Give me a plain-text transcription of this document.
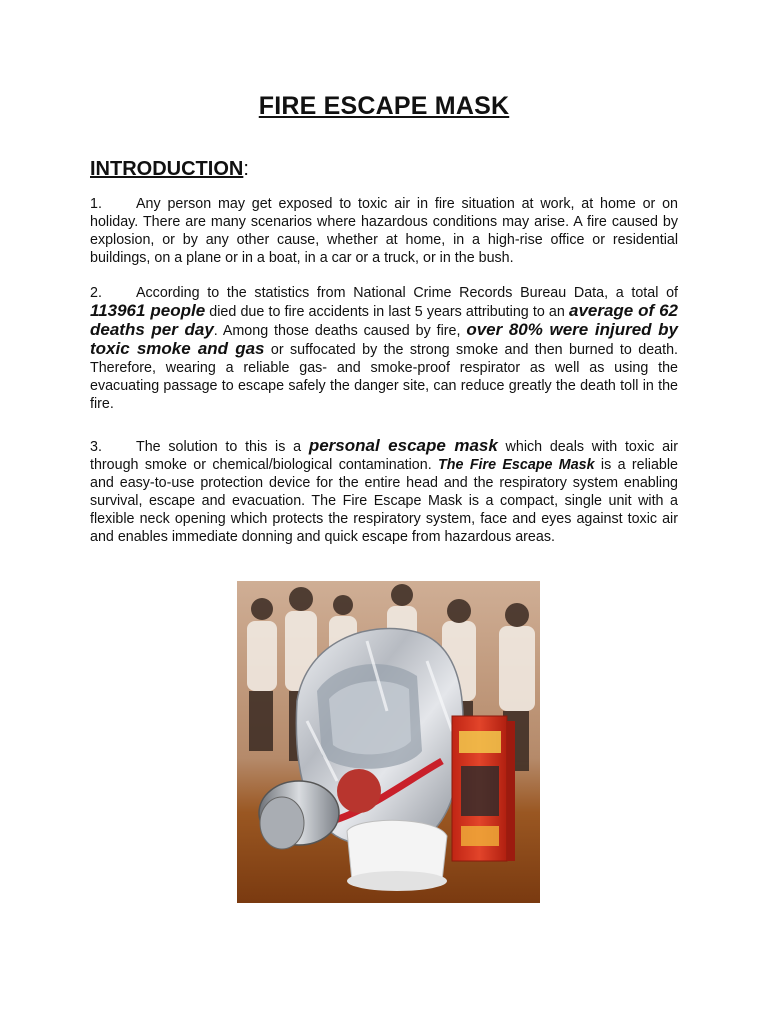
FIRE ESCAPE MASK
INTRODUCTION:

1. Any person may get exposed to toxic air in fire situation at work, at home or on holiday. There are many scenarios where hazardous conditions may arise. A fire caused by explosion, or by any other cause, whether at home, in a high-rise office or residential buildings, on a plane or in a boat, in a car or a truck, or in the bush.

2. According to the statistics from National Crime Records Bureau Data, a total of 113961 people died due to fire accidents in last 5 years attributing to an average of 62 deaths per day. Among those deaths caused by fire, over 80% were injured by toxic smoke and gas or suffocated by the strong smoke and then burned to death. Therefore, wearing a reliable gas- and smoke-proof respirator as well as using the evacuating passage to escape safely the danger site, can reduce greatly the death toll in the fire.

3. The solution to this is a personal escape mask which deals with toxic air through smoke or chemical/biological contamination. The Fire Escape Mask is a reliable and easy-to-use protection device for the entire head and the respiratory system enabling survival, escape and evacuation. The Fire Escape Mask is a compact, single unit with a flexible neck opening which protects the respiratory system, face and eyes against toxic air and enables immediate donning and quick escape from hazardous areas.
